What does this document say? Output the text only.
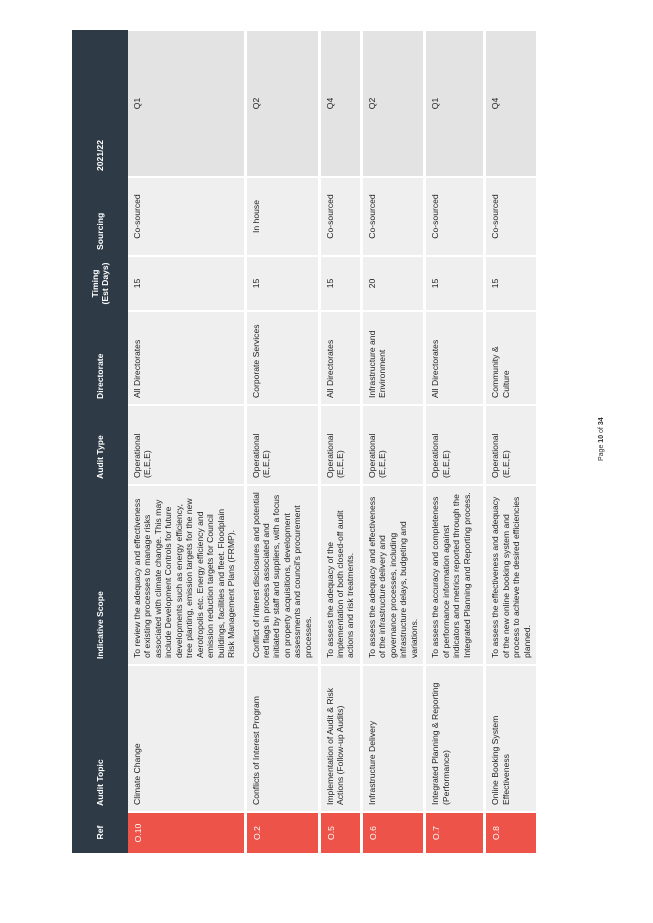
Ref	Audit Topic	Indicative Scope	Audit Type	Directorate	Timing (Est Days)	Sourcing	2021/22
O.10	Climate Change	To review the adequacy and effectiveness of existing processes to manage risks associated with climate change. This may include Development Controls for future developments such as energy efficiency, tree planting, emission targets for the new Aerotropolis etc. Energy efficiency and emission reduction targets for Council buildings, facilities and fleet. Floodplain Risk Management Plans (FRMP).	Operational (E,E,E)	All Directorates	15	Co-sourced	Q1
O.2	Conflicts of Interest Program	Conflict of interest disclosures and potential red flags in process associated and initiated by staff and suppliers, with a focus on property acquisitions, development assessments and council's procurement processes.	Operational (E,E,E)	Corporate Services	15	In house	Q2
O.5	Implementation of Audit & Risk Actions (Follow-up Audits)	To assess the adequacy of the implementation of both closed-off audit actions and risk treatments.	Operational (E,E,E)	All Directorates	15	Co-sourced	Q4
O.6	Infrastructure Delivery	To assess the adequacy and effectiveness of the infrastructure delivery and governance processes, including infrastructure delays, budgeting and variations.	Operational (E,E,E)	Infrastructure and Environment	20	Co-sourced	Q2
O.7	Integrated Planning & Reporting (Performance)	To assess the accuracy and completeness of performance information against indicators and metrics reported through the Integrated Planning and Reporting process.	Operational (E,E,E)	All Directorates	15	Co-sourced	Q1
O.8	Online Booking System Effectiveness	To assess the effectiveness and adequacy of the new online booking system and process to achieve the desired efficiencies planned.	Operational (E,E,E)	Community & Culture	15	Co-sourced	Q4
Page 10 of 34
